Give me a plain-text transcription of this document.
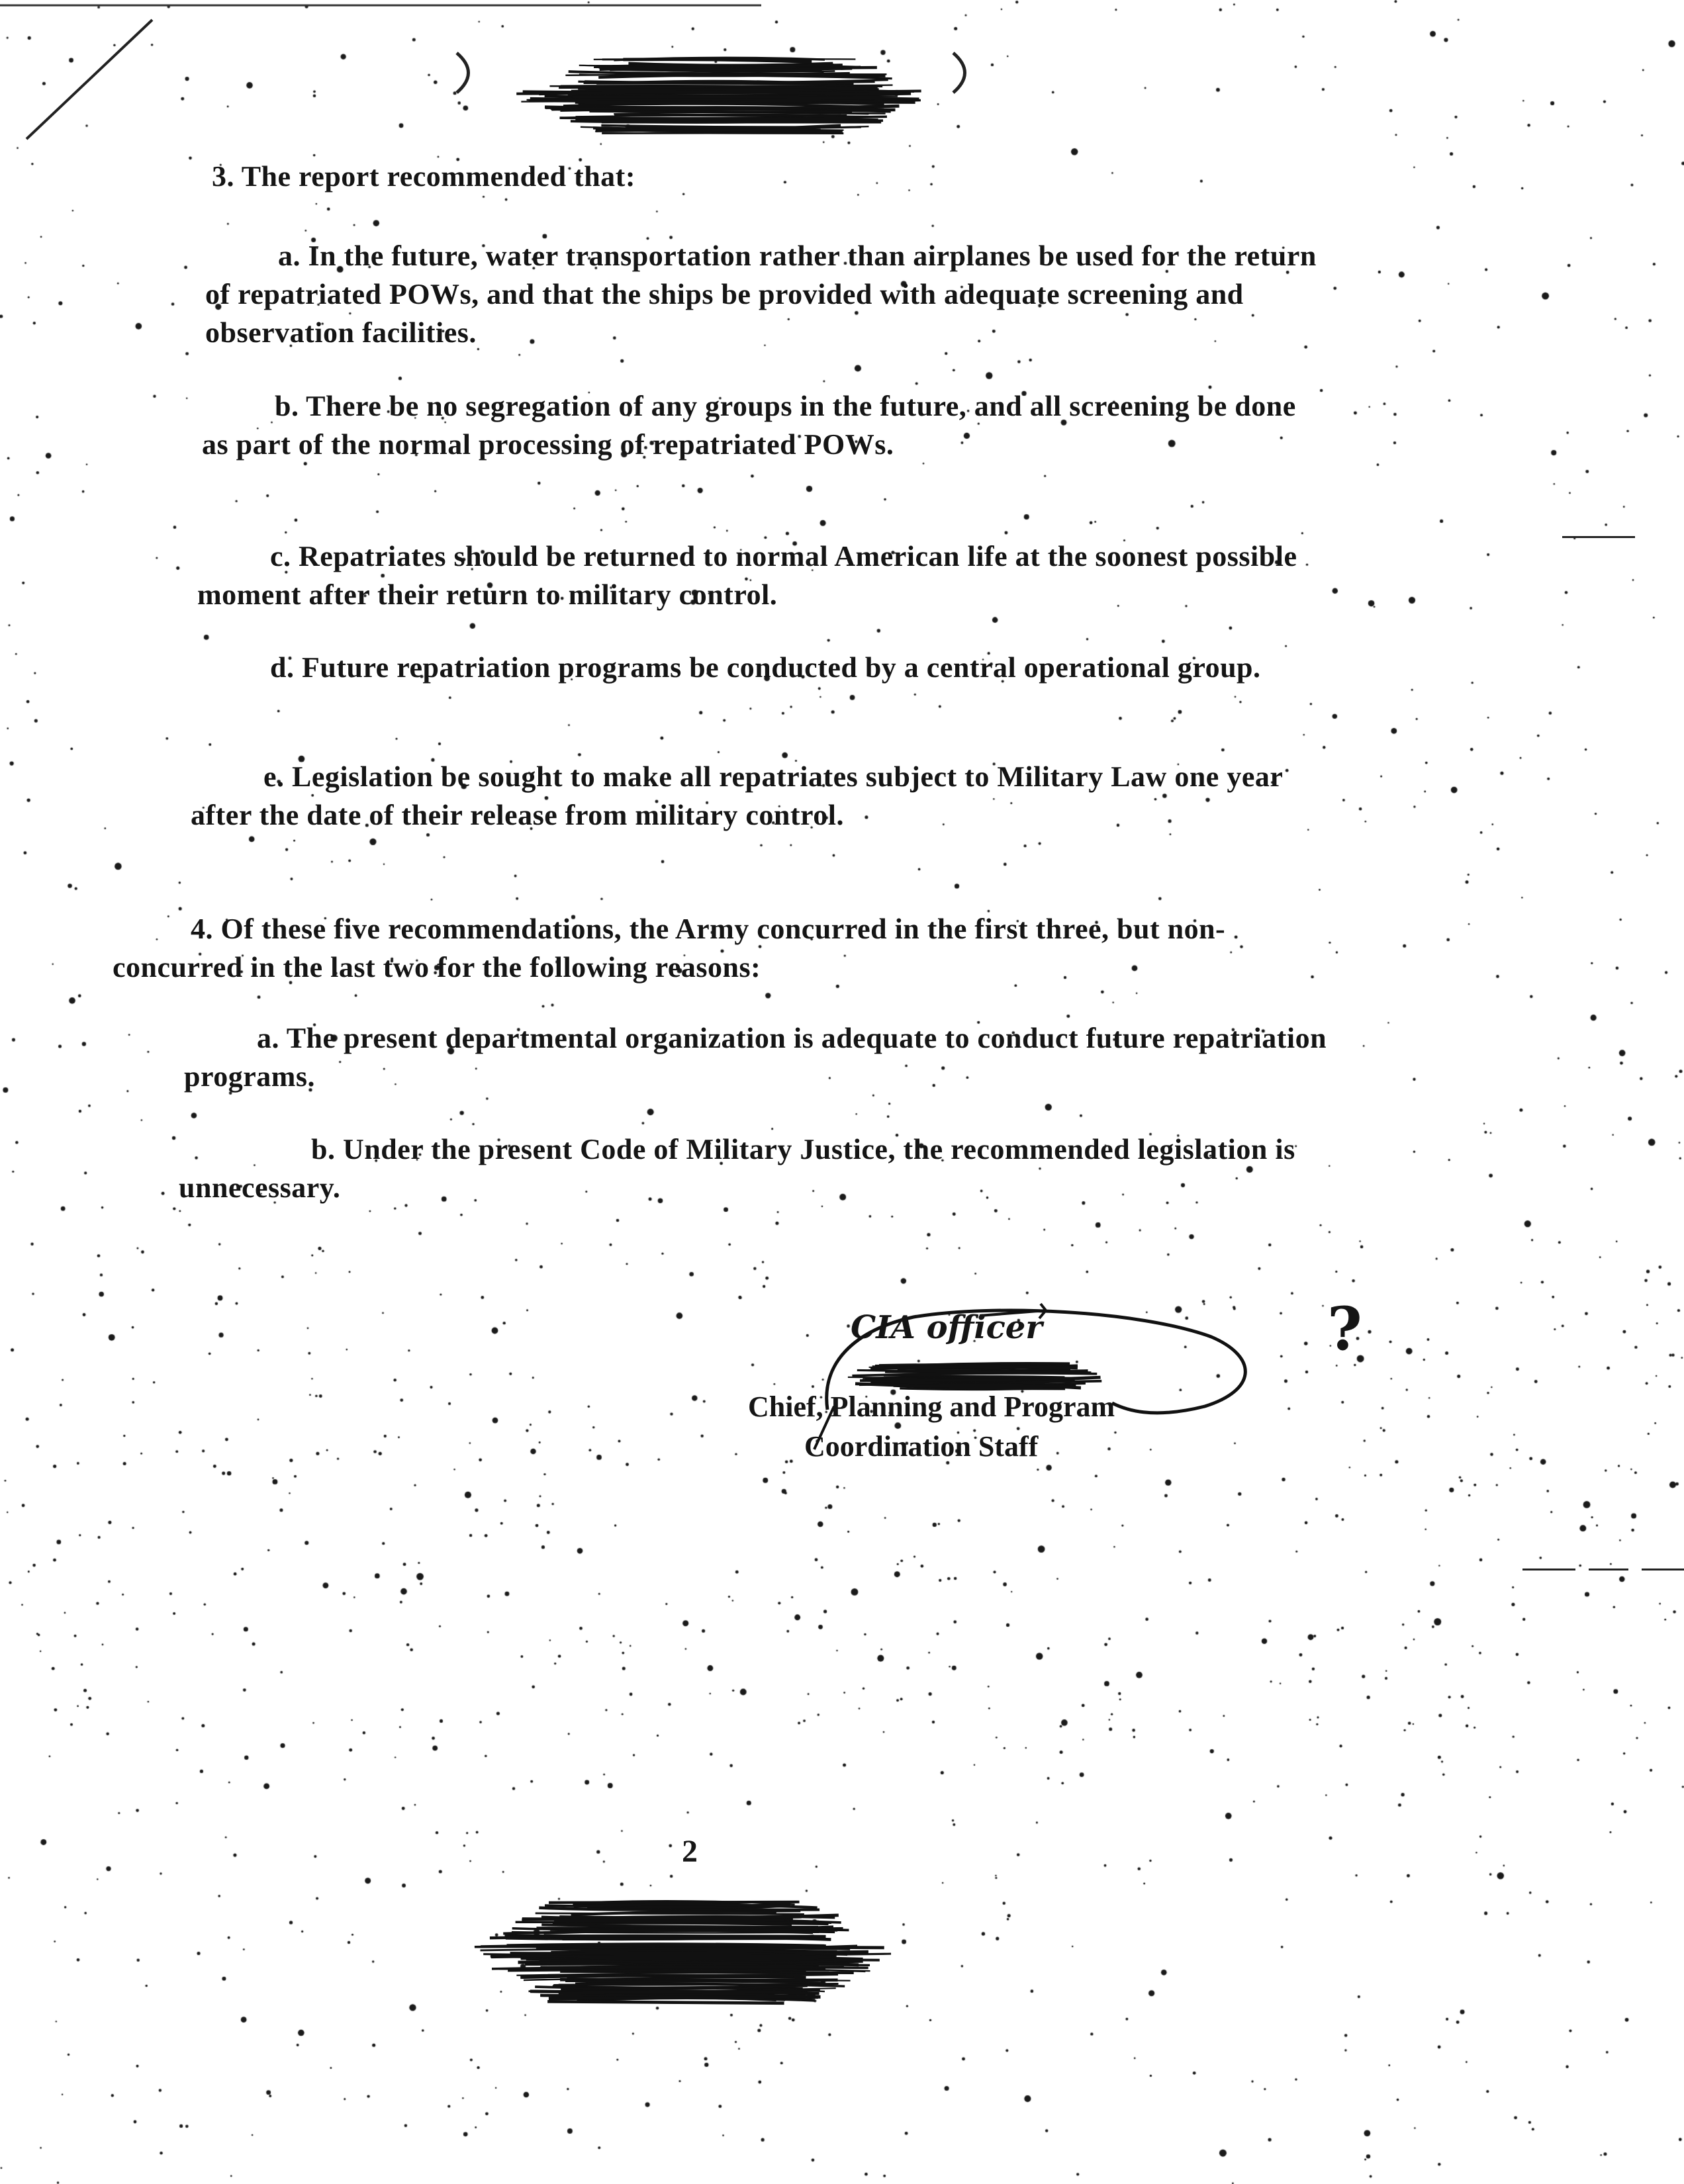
3. The report recommended that:
a. In the future, water transportation rather than airplanes be used for the return of repatriated POWs, and that the ships be provided with adequate screening and observation facilities.
b. There be no segregation of any groups in the future, and all screening be done as part of the normal processing of repatriated POWs.
c. Repatriates should be returned to normal American life at the soonest possible moment after their return to military control.
d. Future repatriation programs be conducted by a central operational group.
e. Legislation be sought to make all repatriates subject to Military Law one year after the date of their release from military control.
4. Of these five recommendations, the Army concurred in the first three, but non-concurred in the last two for the following reasons:
a. The present departmental organization is adequate to conduct future repatriation programs.
b. Under the present Code of Military Justice, the recommended legislation is unnecessary.
CIA officer	?
Chief, Planning and Program
Coordination Staff
2
